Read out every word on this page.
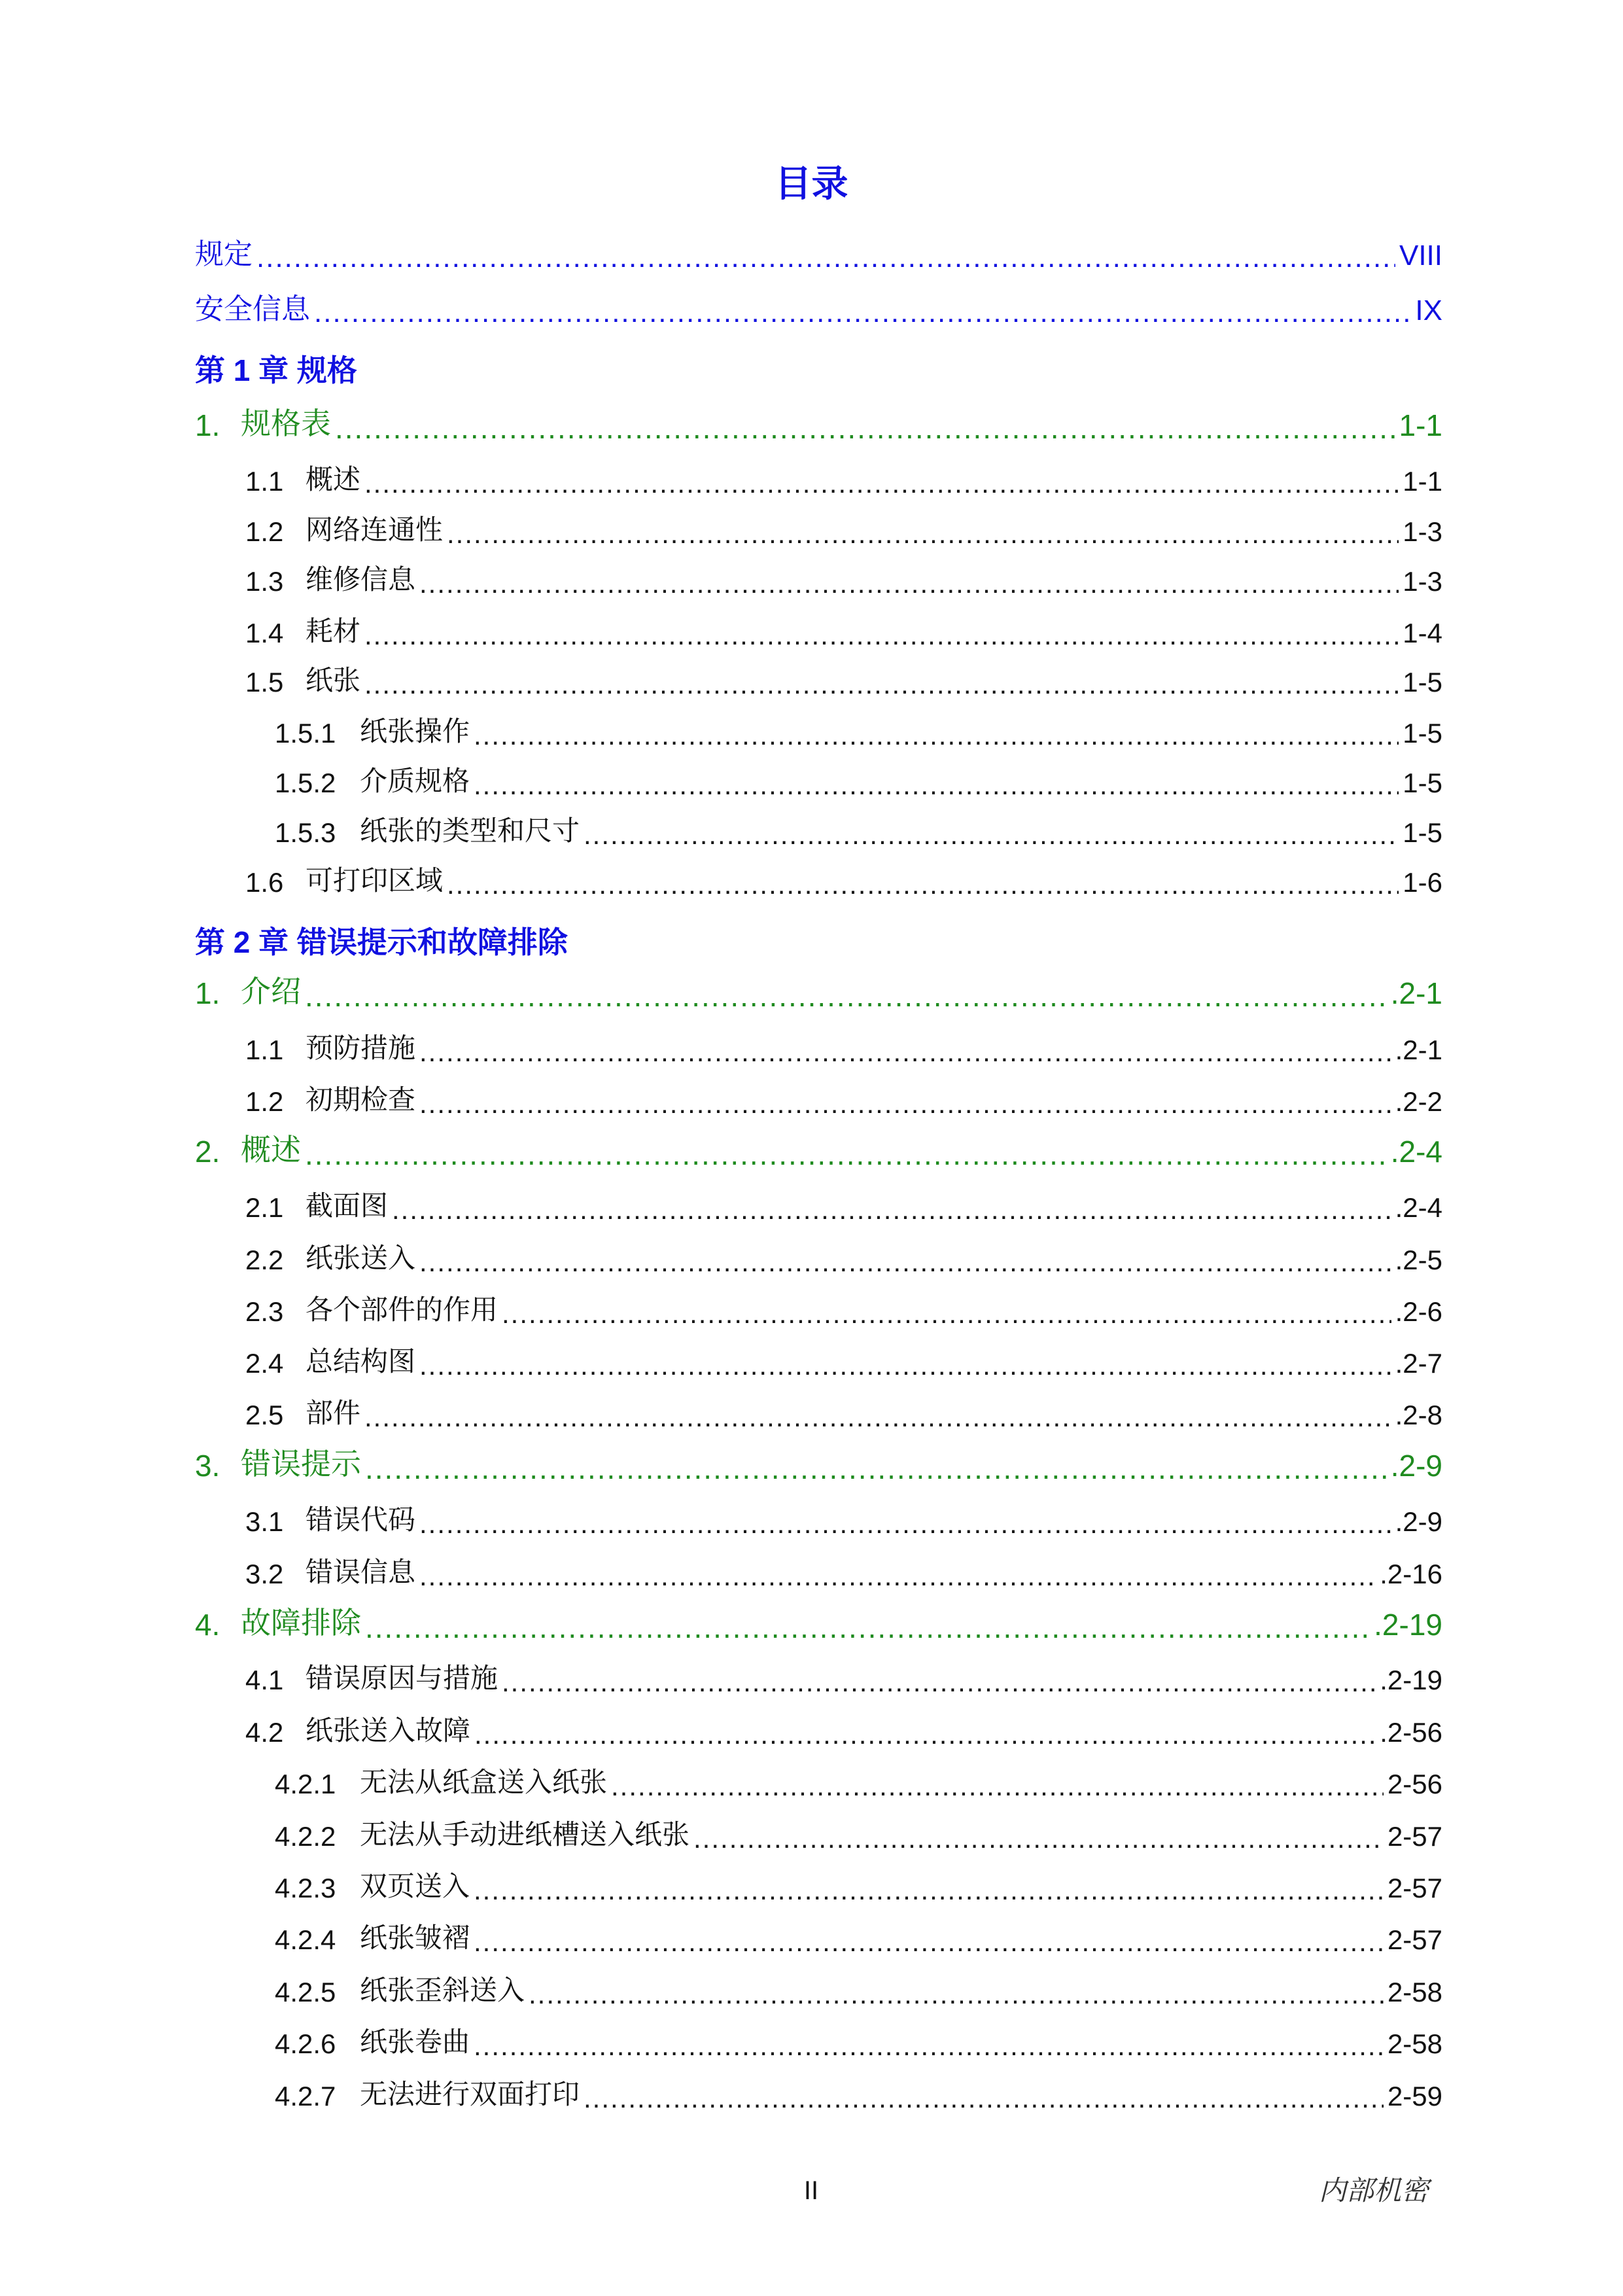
目录
规定 .....	VIII
安全信息 .....	IX
第 1 章 规格
1. 规格表 .....	1-1
1.1 概述 .....	1-1
1.2 网络连通性 .....	1-3
1.3 维修信息 .....	1-3
1.4 耗材 .....	1-4
1.5 纸张 .....	1-5
1.5.1 纸张操作 .....	1-5
1.5.2 介质规格 .....	1-5
1.5.3 纸张的类型和尺寸 .....	1-5
1.6 可打印区域 .....	1-6
第 2 章 错误提示和故障排除
1. 介绍 .....	.2-1
1.1 预防措施 .....	.2-1
1.2 初期检查 .....	.2-2
2. 概述 .....	.2-4
2.1 截面图 .....	.2-4
2.2 纸张送入 .....	.2-5
2.3 各个部件的作用 .....	.2-6
2.4 总结构图 .....	.2-7
2.5 部件 .....	.2-8
3. 错误提示 .....	.2-9
3.1 错误代码 .....	.2-9
3.2 错误信息 .....	.2-16
4. 故障排除 .....	.2-19
4.1 错误原因与措施 .....	.2-19
4.2 纸张送入故障 .....	.2-56
4.2.1 无法从纸盒送入纸张 .....	2-56
4.2.2 无法从手动进纸槽送入纸张 .....	2-57
4.2.3 双页送入 .....	2-57
4.2.4 纸张皱褶 .....	2-57
4.2.5 纸张歪斜送入 .....	2-58
4.2.6 纸张卷曲 .....	2-58
4.2.7 无法进行双面打印 .....	2-59
II	内部机密
